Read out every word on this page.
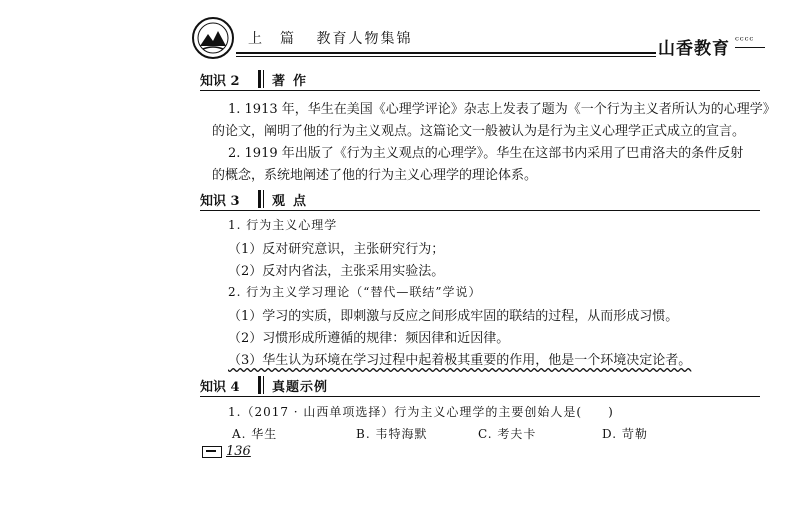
上　篇 教育人物集锦	山香教育 ᶜᶜᶜᶜ
知识 2 著作
1. 1913 年，华生在美国《心理学评论》杂志上发表了题为《一个行为主义者所认为的心理学》
的论文，阐明了他的行为主义观点。这篇论文一般被认为是行为主义心理学正式成立的宣言。
2. 1919 年出版了《行为主义观点的心理学》。华生在这部书内采用了巴甫洛夫的条件反射
的概念，系统地阐述了他的行为主义心理学的理论体系。
知识 3 观点
1. 行为主义心理学
（1）反对研究意识，主张研究行为；
（2）反对内省法，主张采用实验法。
2. 行为主义学习理论（“替代—联结”学说）
（1）学习的实质，即刺激与反应之间形成牢固的联结的过程，从而形成习惯。
（2）习惯形成所遵循的规律：频因律和近因律。
（3）华生认为环境在学习过程中起着极其重要的作用，他是一个环境决定论者。
知识 4 真题示例
1.（2017 · 山西单项选择）行为主义心理学的主要创始人是(　　)
A. 华生	B. 韦特海默	C. 考夫卡	D. 苛勒
136
